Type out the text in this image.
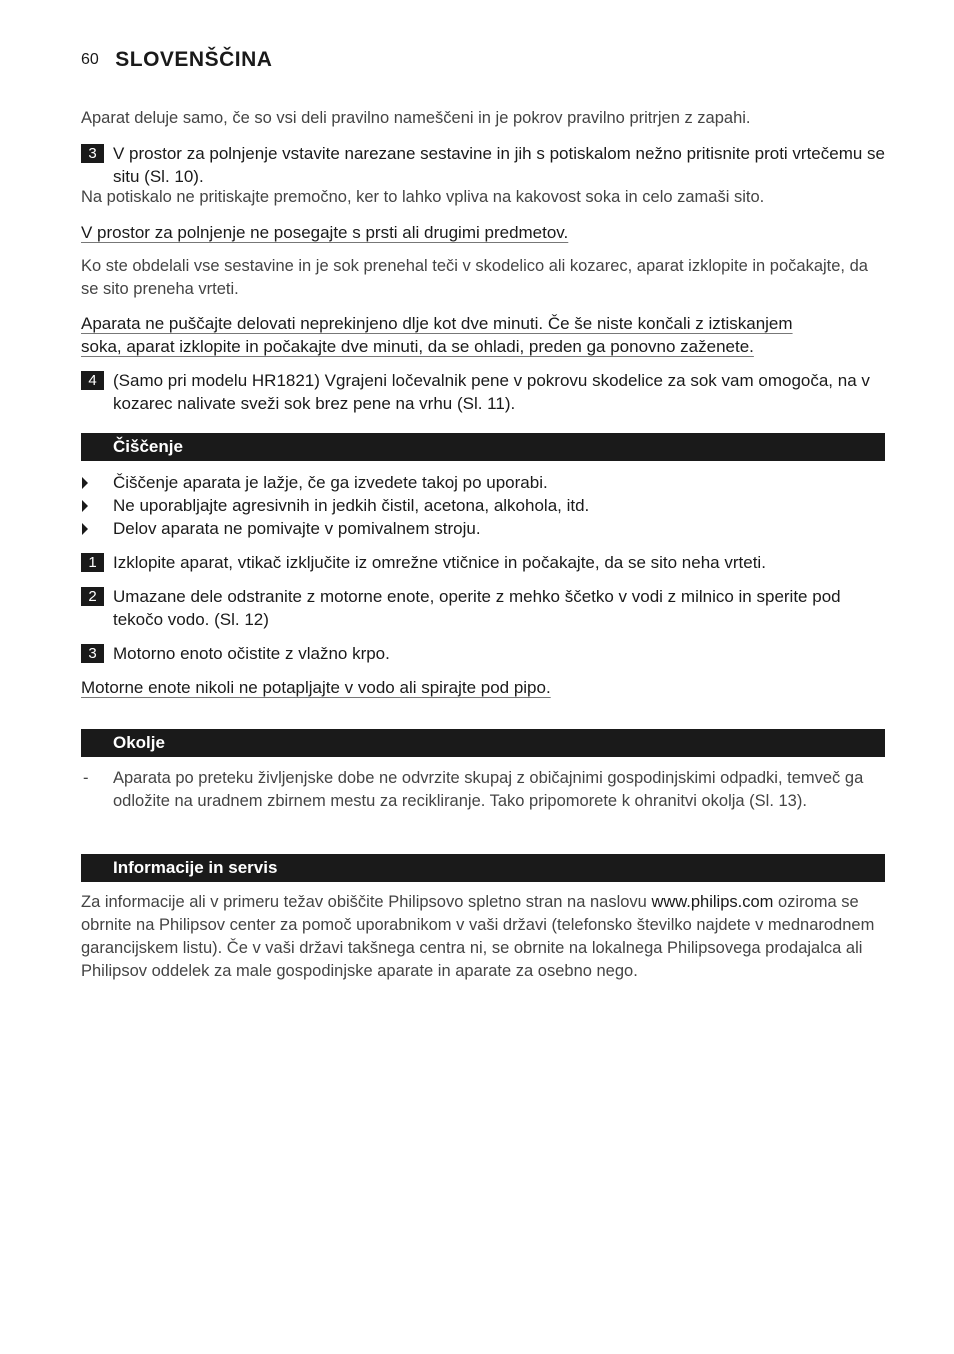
60 SLOVENŠČINA
Aparat deluje samo, če so vsi deli pravilno nameščeni in je pokrov pravilno pritrjen z zapahi.
3 V prostor za polnjenje vstavite narezane sestavine in jih s potiskalom nežno pritisnite proti vrtečemu se situ (Sl. 10).
Na potiskalo ne pritiskajte premočno, ker to lahko vpliva na kakovost soka in celo zamaši sito.
V prostor za polnjenje ne posegajte s prsti ali drugimi predmetov.
Ko ste obdelali vse sestavine in je sok prenehal teči v skodelico ali kozarec, aparat izklopite in počakajte, da se sito preneha vrteti.
Aparata ne puščajte delovati neprekinjeno dlje kot dve minuti. Če še niste končali z iztiskanjem
soka, aparat izklopite in počakajte dve minuti, da se ohladi, preden ga ponovno zaženete.
4 (Samo pri modelu HR1821) Vgrajeni ločevalnik pene v pokrovu skodelice za sok vam omogoča, na v kozarec nalivate sveži sok brez pene na vrhu (Sl. 11).
Čiščenje
Čiščenje aparata je lažje, če ga izvedete takoj po uporabi.
Ne uporabljajte agresivnih in jedkih čistil, acetona, alkohola, itd.
Delov aparata ne pomivajte v pomivalnem stroju.
1 Izklopite aparat, vtikač izključite iz omrežne vtičnice in počakajte, da se sito neha vrteti.
2 Umazane dele odstranite z motorne enote, operite z mehko ščetko v vodi z milnico in sperite pod tekočo vodo. (Sl. 12)
3 Motorno enoto očistite z vlažno krpo.
Motorne enote nikoli ne potapljajte v vodo ali spirajte pod pipo.
Okolje
- Aparata po preteku življenjske dobe ne odvrzite skupaj z običajnimi gospodinjskimi odpadki, temveč ga odložite na uradnem zbirnem mestu za recikliranje. Tako pripomorete k ohranitvi okolja (Sl. 13).
Informacije in servis
Za informacije ali v primeru težav obiščite Philipsovo spletno stran na naslovu www.philips.com oziroma se obrnite na Philipsov center za pomoč uporabnikom v vaši državi (telefonsko številko najdete v mednarodnem garancijskem listu). Če v vaši državi takšnega centra ni, se obrnite na lokalnega Philipsovega prodajalca ali Philipsov oddelek za male gospodinjske aparate in aparate za osebno nego.
